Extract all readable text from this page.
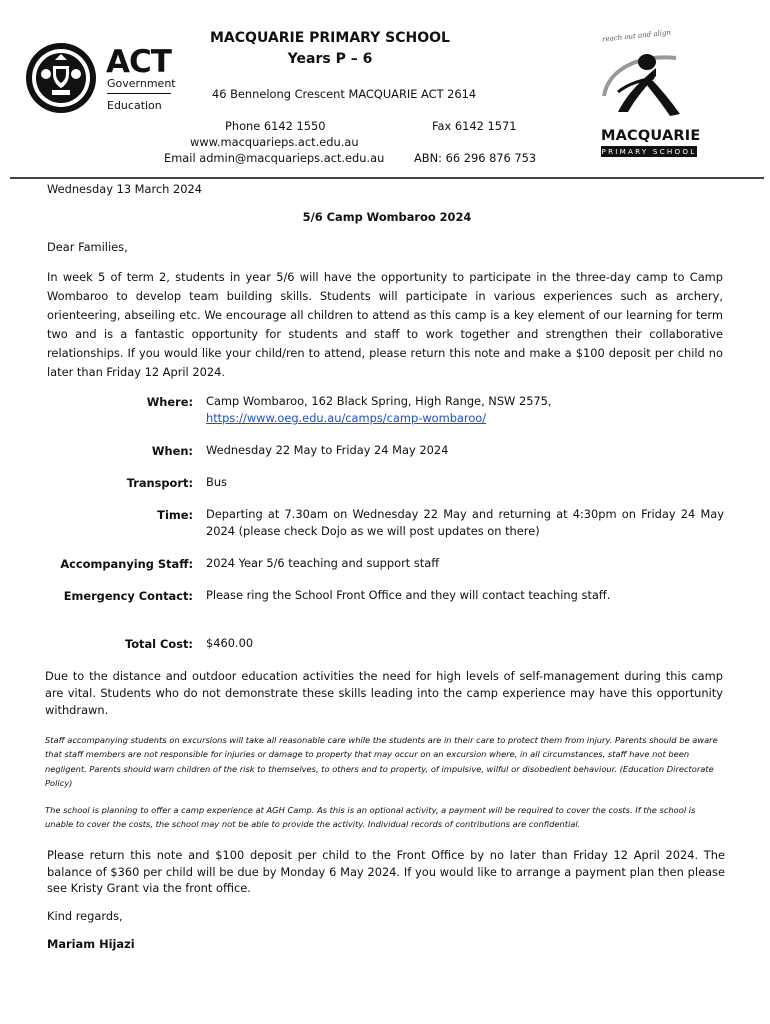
ACT
Government
Education
MACQUARIE PRIMARY SCHOOL
Years P – 6
46 Bennelong Crescent MACQUARIE ACT 2614
Phone 6142 1550	Fax 6142 1571
www.macquarieps.act.edu.au
Email admin@macquarieps.act.edu.au	ABN: 66 296 876 753
reach out and align
MACQUARIE
PRIMARY SCHOOL
Wednesday 13 March 2024
5/6 Camp Wombaroo 2024
Dear Families,
In week 5 of term 2, students in year 5/6 will have the opportunity to participate in the three-day camp to Camp Wombaroo to develop team building skills. Students will participate in various experiences such as archery, orienteering, abseiling etc. We encourage all children to attend as this camp is a key element of our learning for term two and is a fantastic opportunity for students and staff to work together and strengthen their collaborative relationships. If you would like your child/ren to attend, please return this note and make a $100 deposit per child no later than Friday 12 April 2024.
Where: Camp Wombaroo, 162 Black Spring, High Range, NSW 2575,
https://www.oeg.edu.au/camps/camp-wombaroo/
When: Wednesday 22 May to Friday 24 May 2024
Transport: Bus
Time: Departing at 7.30am on Wednesday 22 May and returning at 4:30pm on Friday 24 May 2024 (please check Dojo as we will post updates on there)
Accompanying Staff: 2024 Year 5/6 teaching and support staff
Emergency Contact: Please ring the School Front Office and they will contact teaching staff.
Total Cost: $460.00
Due to the distance and outdoor education activities the need for high levels of self-management during this camp are vital. Students who do not demonstrate these skills leading into the camp experience may have this opportunity withdrawn.
Staff accompanying students on excursions will take all reasonable care while the students are in their care to protect them from injury. Parents should be aware that staff members are not responsible for injuries or damage to property that may occur on an excursion where, in all circumstances, staff have not been negligent. Parents should warn children of the risk to themselves, to others and to property, of impulsive, wilful or disobedient behaviour. (Education Directorate Policy)
The school is planning to offer a camp experience at AGH Camp. As this is an optional activity, a payment will be required to cover the costs. If the school is unable to cover the costs, the school may not be able to provide the activity. Individual records of contributions are confidential.
Please return this note and $100 deposit per child to the Front Office by no later than Friday 12 April 2024. The balance of $360 per child will be due by Monday 6 May 2024. If you would like to arrange a payment plan then please see Kristy Grant via the front office.
Kind regards,
Mariam Hijazi
